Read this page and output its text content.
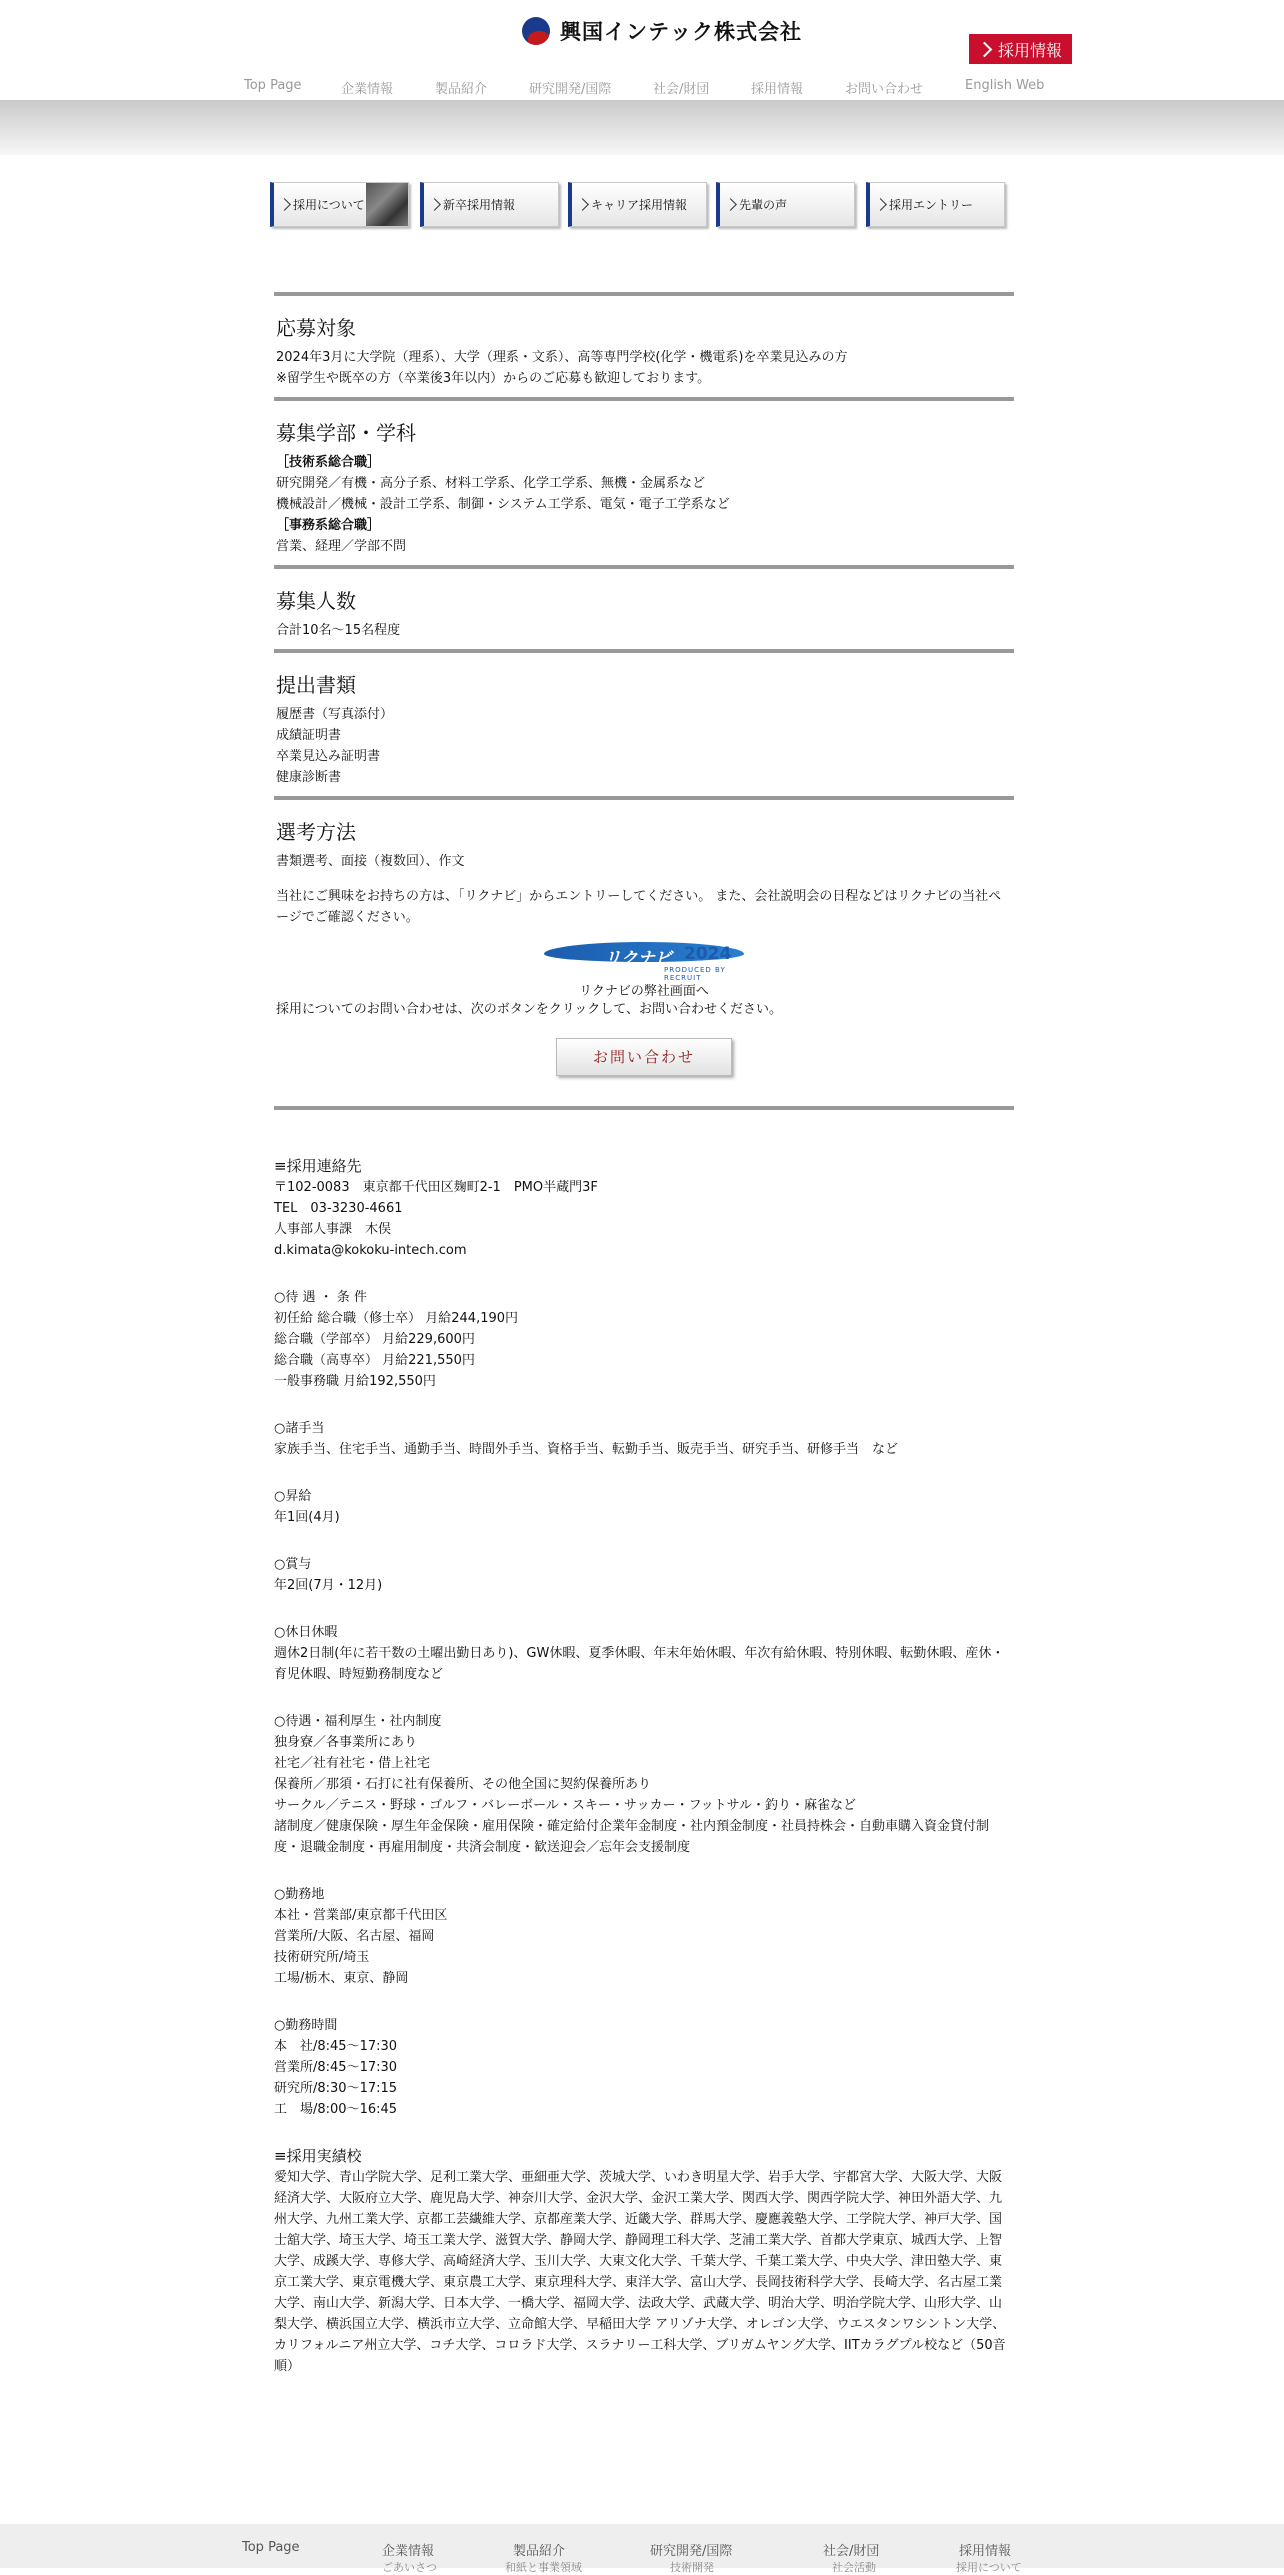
興国インテック株式会社
採用情報
Top Page	企業情報	製品紹介	研究開発/国際	社会/財団	採用情報	お問い合わせ	English Web
採用について	新卒採用情報	キャリア採用情報	先輩の声	採用エントリー
応募対象

2024年3月に大学院（理系）、大学（理系・文系）、高等専門学校(化学・機電系)を卒業見込みの方

※留学生や既卒の方（卒業後3年以内）からのご応募も歓迎しております。

募集学部・学科

［技術系総合職］

研究開発／有機・高分子系、材料工学系、化学工学系、無機・金属系など

機械設計／機械・設計工学系、制御・システム工学系、電気・電子工学系など

［事務系総合職］

営業、経理／学部不問

募集人数

合計10名～15名程度

提出書類

履歴書（写真添付）

成績証明書

卒業見込み証明書

健康診断書

選考方法

書類選考、面接（複数回）、作文

当社にご興味をお持ちの方は、「リクナビ」からエントリーしてください。 また、会社説明会の日程などはリクナビの当社ページでご確認ください。

リクナビ 2024
PRODUCED BY RECRUIT
リクナビの弊社画面へ

採用についてのお問い合わせは、次のボタンをクリックして、お問い合わせください。

お問い合わせ
≡採用連絡先

〒102-0083　東京都千代田区麹町2-1　PMO半蔵門3F

TEL　03-3230-4661

人事部人事課　木俣

d.kimata@kokoku-intech.com

○待 遇 ・ 条 件

初任給 総合職（修士卒） 月給244,190円

総合職（学部卒） 月給229,600円

総合職（高専卒） 月給221,550円

一般事務職 月給192,550円

○諸手当

家族手当、住宅手当、通勤手当、時間外手当、資格手当、転勤手当、販売手当、研究手当、研修手当　など

○昇給

年1回(4月)

○賞与

年2回(7月・12月)

○休日休暇

週休2日制(年に若干数の土曜出勤日あり)、GW休暇、夏季休暇、年末年始休暇、年次有給休暇、特別休暇、転勤休暇、産休・育児休暇、時短勤務制度など

○待遇・福利厚生・社内制度

独身寮／各事業所にあり

社宅／社有社宅・借上社宅

保養所／那須・石打に社有保養所、その他全国に契約保養所あり

サークル／テニス・野球・ゴルフ・バレーボール・スキー・サッカー・フットサル・釣り・麻雀など

諸制度／健康保険・厚生年金保険・雇用保険・確定給付企業年金制度・社内預金制度・社員持株会・自動車購入資金貸付制度・退職金制度・再雇用制度・共済会制度・歓送迎会／忘年会支援制度

○勤務地

本社・営業部/東京都千代田区

営業所/大阪、名古屋、福岡

技術研究所/埼玉

工場/栃木、東京、静岡

○勤務時間

本　社/8:45～17:30

営業所/8:45～17:30

研究所/8:30～17:15

工　場/8:00～16:45

≡採用実績校

愛知大学、青山学院大学、足利工業大学、亜細亜大学、茨城大学、いわき明星大学、岩手大学、宇都宮大学、大阪大学、大阪経済大学、大阪府立大学、鹿児島大学、神奈川大学、金沢大学、金沢工業大学、関西大学、関西学院大学、神田外語大学、九州大学、九州工業大学、京都工芸繊維大学、京都産業大学、近畿大学、群馬大学、慶應義塾大学、工学院大学、神戸大学、国士舘大学、埼玉大学、埼玉工業大学、滋賀大学、静岡大学、静岡理工科大学、芝浦工業大学、首都大学東京、城西大学、上智大学、成蹊大学、専修大学、高崎経済大学、玉川大学、大東文化大学、千葉大学、千葉工業大学、中央大学、津田塾大学、東京工業大学、東京電機大学、東京農工大学、東京理科大学、東洋大学、富山大学、長岡技術科学大学、長崎大学、名古屋工業大学、南山大学、新潟大学、日本大学、一橋大学、福岡大学、法政大学、武蔵大学、明治大学、明治学院大学、山形大学、山梨大学、横浜国立大学、横浜市立大学、立命館大学、早稲田大学 アリゾナ大学、オレゴン大学、ウエスタンワシントン大学、カリフォルニア州立大学、コチ大学、コロラド大学、スラナリー工科大学、ブリガムヤング大学、IITカラグプル校など（50音順）

Top Page	企業情報	製品紹介	研究開発/国際	社会/財団	採用情報
ごあいさつ	和紙と事業領域	技術開発	社会活動	採用について
